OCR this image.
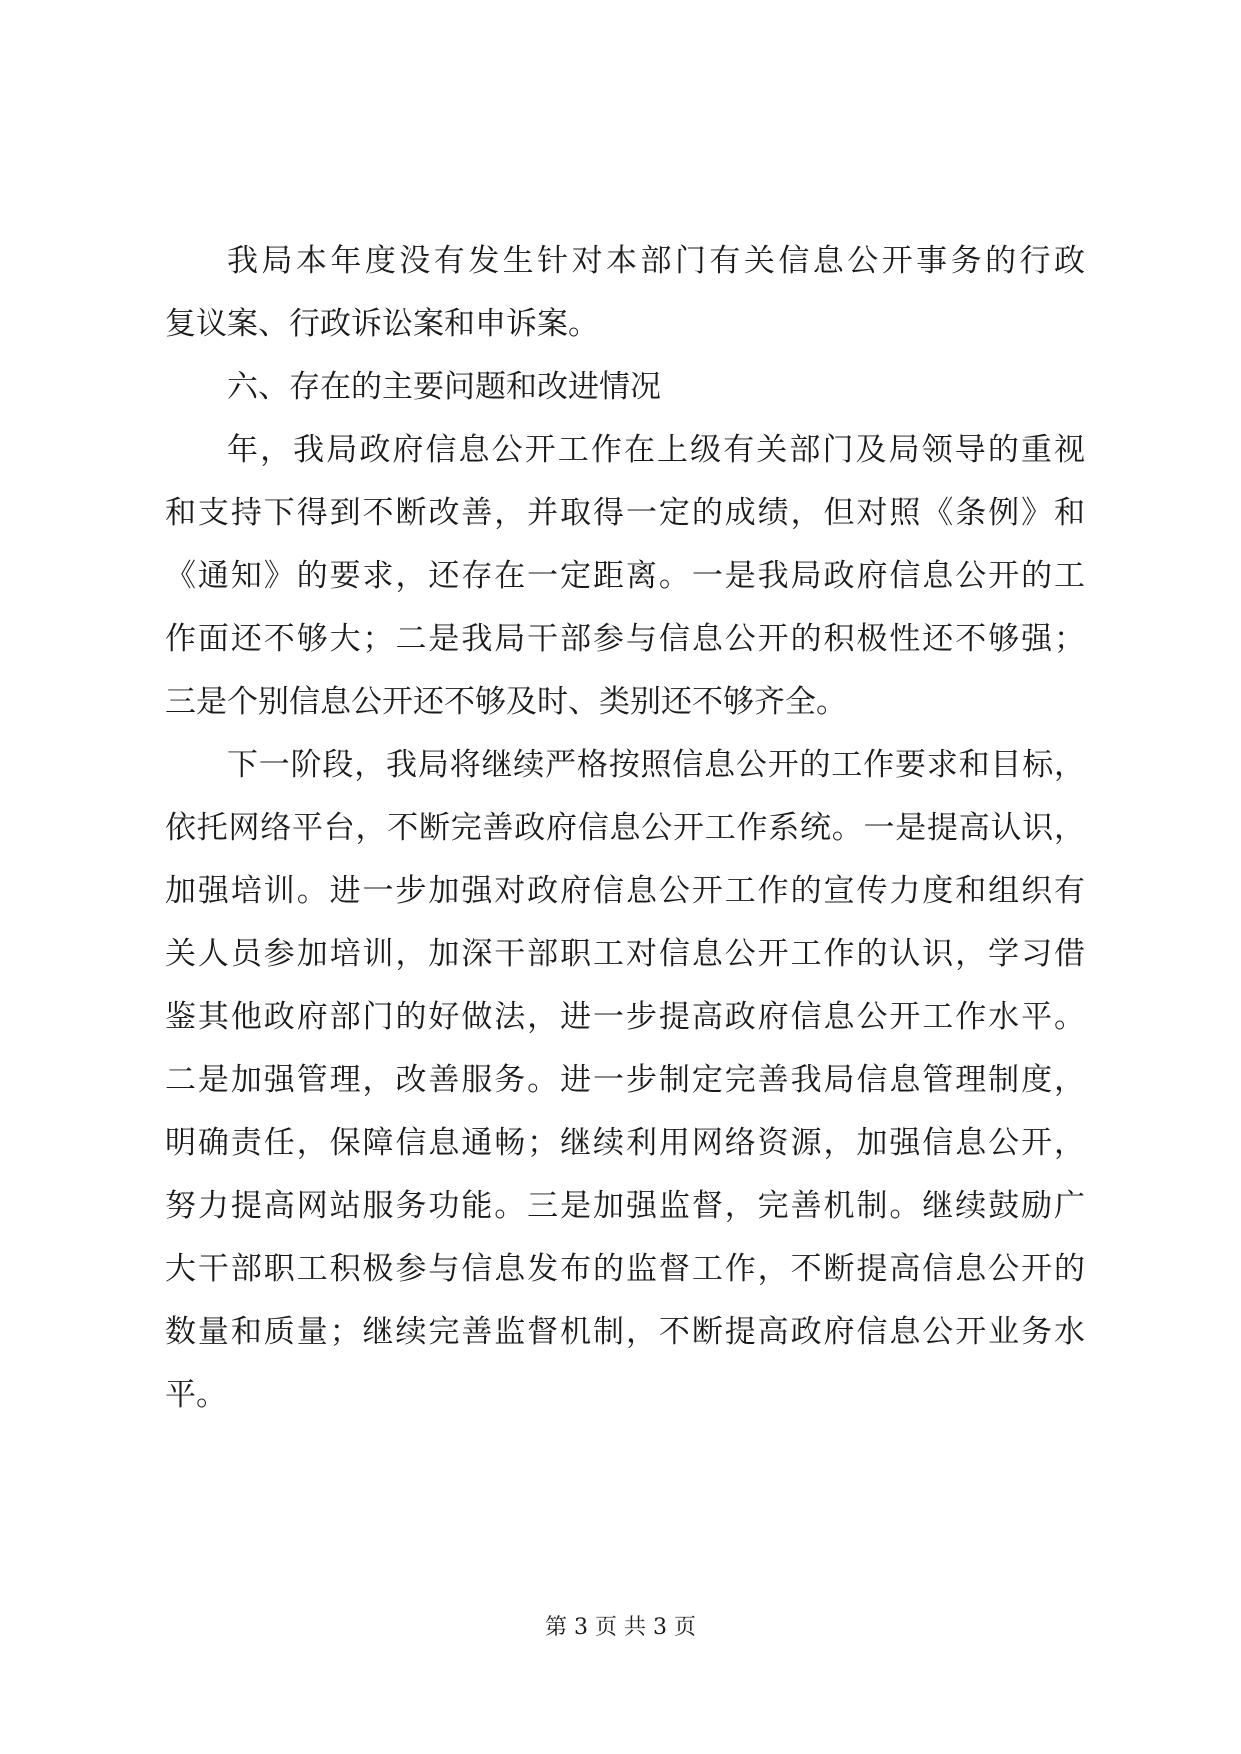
我局本年度没有发生针对本部门有关信息公开事务的行政
复议案、行政诉讼案和申诉案。
六、存在的主要问题和改进情况
年，我局政府信息公开工作在上级有关部门及局领导的重视
和支持下得到不断改善，并取得一定的成绩，但对照《条例》和
《通知》的要求，还存在一定距离。一是我局政府信息公开的工
作面还不够大；二是我局干部参与信息公开的积极性还不够强；
三是个别信息公开还不够及时、类别还不够齐全。
下一阶段，我局将继续严格按照信息公开的工作要求和目标，
依托网络平台，不断完善政府信息公开工作系统。一是提高认识，
加强培训。进一步加强对政府信息公开工作的宣传力度和组织有
关人员参加培训，加深干部职工对信息公开工作的认识，学习借
鉴其他政府部门的好做法，进一步提高政府信息公开工作水平。
二是加强管理，改善服务。进一步制定完善我局信息管理制度，
明确责任，保障信息通畅；继续利用网络资源，加强信息公开，
努力提高网站服务功能。三是加强监督，完善机制。继续鼓励广
大干部职工积极参与信息发布的监督工作，不断提高信息公开的
数量和质量；继续完善监督机制，不断提高政府信息公开业务水
平。
第 3 页 共 3 页
